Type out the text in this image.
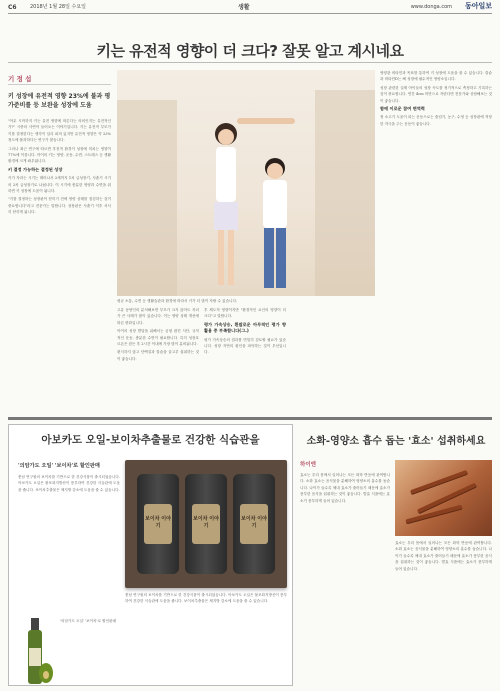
C6	2018년 1월 28일 수요일	생활	www.donga.com 동아일보
키는 유전적 영향이 더 크다? 잘못 알고 계시네요
기 정 섭
키 성장에 유전적 영향 23%에 불과 평가준비를 등 보완을 성장에 도움

"아무 시작하지 키는 유전 영향에 따른다는 의외인지는 유전적인가?" 시중의 사연이 들어오는 이야기입니다. 키는 유전적 부모가 키를 결정한다는 생각이 널리 퍼져 있지만 유전적 영향은 약 23% 정도에 불과하다는 연구가 많습니다.

그러나 최근 연구에 따르면 후천적 환경이 성장에 미치는 영향이 77%에 이릅니다. 아이의 키는 영양, 운동, 수면, 스트레스 등 생활 환경에 크게 좌우됩니다.

키 결정 가능하는 결정된 성장

키가 자라는 시기는 태어나서 2세까지 1차 급성장기, 사춘기 시기의 2차 급성장기로 나뉩니다. 이 시기에 충분한 영양과 수면을 취하면 키 성장에 도움이 됩니다.

"키를 결정하는 성장판이 닫히기 전에 영양 상태를 점검하는 것이 중요합니다"라고 전문가는 말합니다. 성장판은 사춘기 이후 서서히 닫히게 됩니다.

평균 소통, 수면 등 생활습관과 환경에 따라서 키가 더 많이 자랄 수 있습니다.

고유 동양인의 분석해보면 부모가 크지 않아도 자녀가 큰 사례가 많이 있습니다. 이는 영양 상태 개선에 따른 변화입니다.

아이의 성장 발달을 위해서는 균형 잡힌 식단, 규칙적인 운동, 충분한 수면이 필요합니다. 특히 성장호르몬은 잠든 후 2시간 이내에 가장 많이 분비됩니다.

편식하지 않고 단백질과 칼슘을 골고루 섭취하는 것이 좋습니다.

후 제도적 영향이지만 "환경적인 요인의 영향이 더 크다"고 말합니다.

평가 가속상승, 흰쌀로운 아무적인 평가 향 활용 중 부족합니다(그.)

평가 가속상승의 결과를 면밀히 검토할 필요가 있습니다. 성장 지연의 원인을 파악하는 것이 우선입니다.

영양관 비타민과 목표를 통하여 키 성장에 도움을 줄 수 있습니다. 칼슘과 비타민D는 뼈 성장에 필수적인 영양소입니다.

성장 관련한 실제 아이들의 성장 속도를 정기적으로 측정하고 기록하는 것이 중요합니다. 연간 4cm 미만으로 자란다면 전문가와 상담해보는 것이 좋습니다.

함에 이로운 참여 면역력

정 소고기 도움이 되는 운동으로는 줄넘기, 농구, 수영 등 성장판에 적당한 자극을 주는 운동이 좋습니다.

아보카도 오일-보이차추출물로 건강한 식습관을
'의암가도 오일' '보이차'로 할인판매

충남 연구원의 보이차를 기반으로 한 건강식품이 출시되었습니다. 아보카도 오일은 불포화지방산이 풍부하여 건강한 식습관에 도움을 줍니다. 보이차추출물은 체지방 감소에 도움을 줄 수 있습니다.

'의암가도 오일' '보이차'로 할인판매

보이차 이야기
보이차 이야기
보이차 이야기

충남 연구원의 보이차를 기반으로 한 건강식품이 출시되었습니다. 아보카도 오일은 불포화지방산이 풍부하여 건강한 식습관에 도움을 줍니다. 보이차추출물은 체지방 감소에 도움을 줄 수 있습니다.

소화-영양소 흡수 돕는 '효소' 섭취하세요
하이엔

효소는 우리 몸에서 일어나는 모든 화학 반응에 관여합니다. 소화 효소는 음식물을 분해하여 영양소의 흡수를 돕습니다. 나이가 들수록 체내 효소가 줄어들기 때문에 효소가 풍부한 음식을 섭취하는 것이 좋습니다. 발효 식품에는 효소가 풍부하게 들어 있습니다.

효소는 우리 몸에서 일어나는 모든 화학 반응에 관여합니다. 소화 효소는 음식물을 분해하여 영양소의 흡수를 돕습니다. 나이가 들수록 체내 효소가 줄어들기 때문에 효소가 풍부한 음식을 섭취하는 것이 좋습니다. 발효 식품에는 효소가 풍부하게 들어 있습니다.
